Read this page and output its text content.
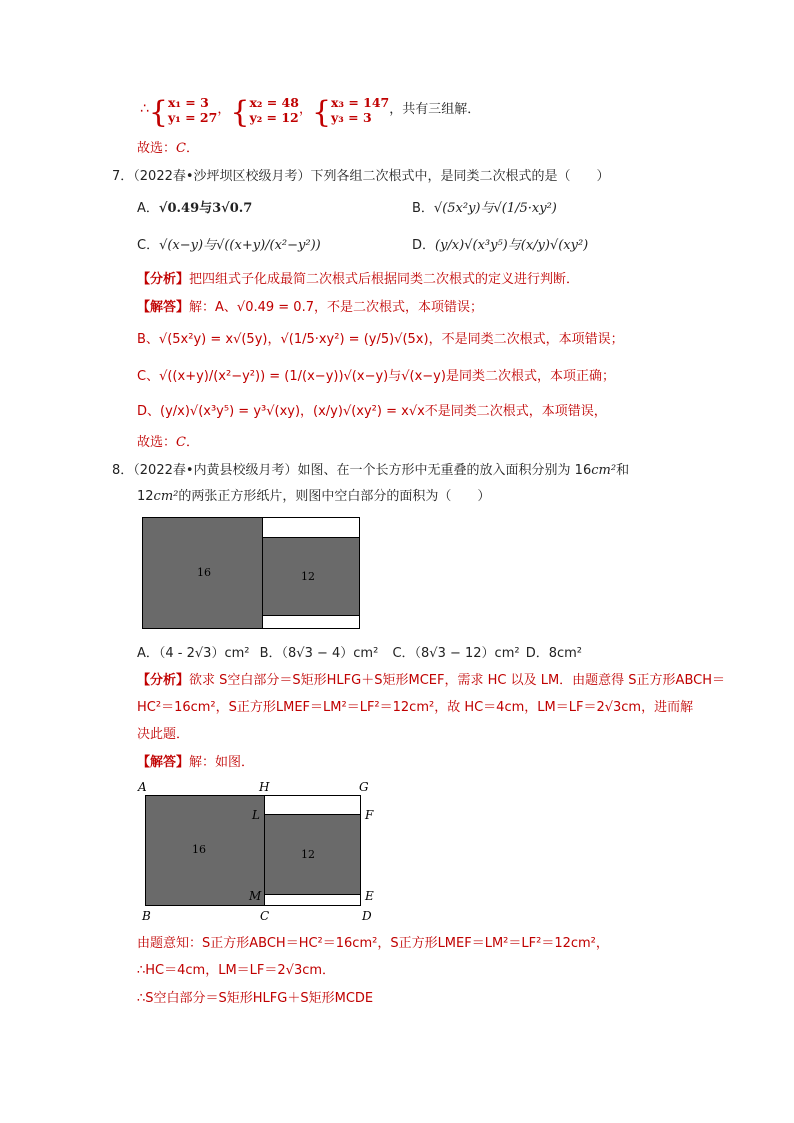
∴{ x₁ = 3
y₁ = 27 ，{ x₂ = 48
y₂ = 12 ，{ x₃ = 147
y₃ = 3	，共有三组解．
故选：C．
7．（2022春•沙坪坝区校级月考）下列各组二次根式中，是同类二次根式的是（　　）
A．√0.49与3√0.7	B．√(5x²y)与√(1/5·xy²)
C．√(x−y)与√((x+y)/(x²−y²))	D．(y/x)√(x³y⁵)与(x/y)√(xy²)
【分析】把四组式子化成最简二次根式后根据同类二次根式的定义进行判断．
【解答】解：A、√0.49 = 0.7，不是二次根式，本项错误；
B、√(5x²y) = x√(5y)，√(1/5·xy²) = (y/5)√(5x)，不是同类二次根式，本项错误；
C、√((x+y)/(x²−y²)) = (1/(x−y))√(x−y)与√(x−y)是同类二次根式，本项正确；
D、(y/x)√(x³y⁵) = y³√(xy)，(x/y)√(xy²) = x√x不是同类二次根式，本项错误，
故选：C．
8．（2022春•内黄县校级月考）如图、在一个长方形中无重叠的放入面积分别为 16cm²和
12cm²的两张正方形纸片，则图中空白部分的面积为（　　）
16	12
A．（4 - 2√3）cm² B．（8√3 − 4）cm² C．（8√3 − 12）cm² D．8cm²
【分析】欲求 S空白部分＝S矩形HLFG＋S矩形MCEF，需求 HC 以及 LM．由题意得 S正方形ABCH＝
HC²＝16cm²，S正方形LMEF＝LM²＝LF²＝12cm²，故 HC＝4cm，LM＝LF＝2√3cm，进而解
决此题．
【解答】解：如图．
16	12
A	H	G
L	F
M	E
B	C	D
由题意知：S正方形ABCH＝HC²＝16cm²，S正方形LMEF＝LM²＝LF²＝12cm²，
∴HC＝4cm，LM＝LF＝2√3cm．
∴S空白部分＝S矩形HLFG＋S矩形MCDE
